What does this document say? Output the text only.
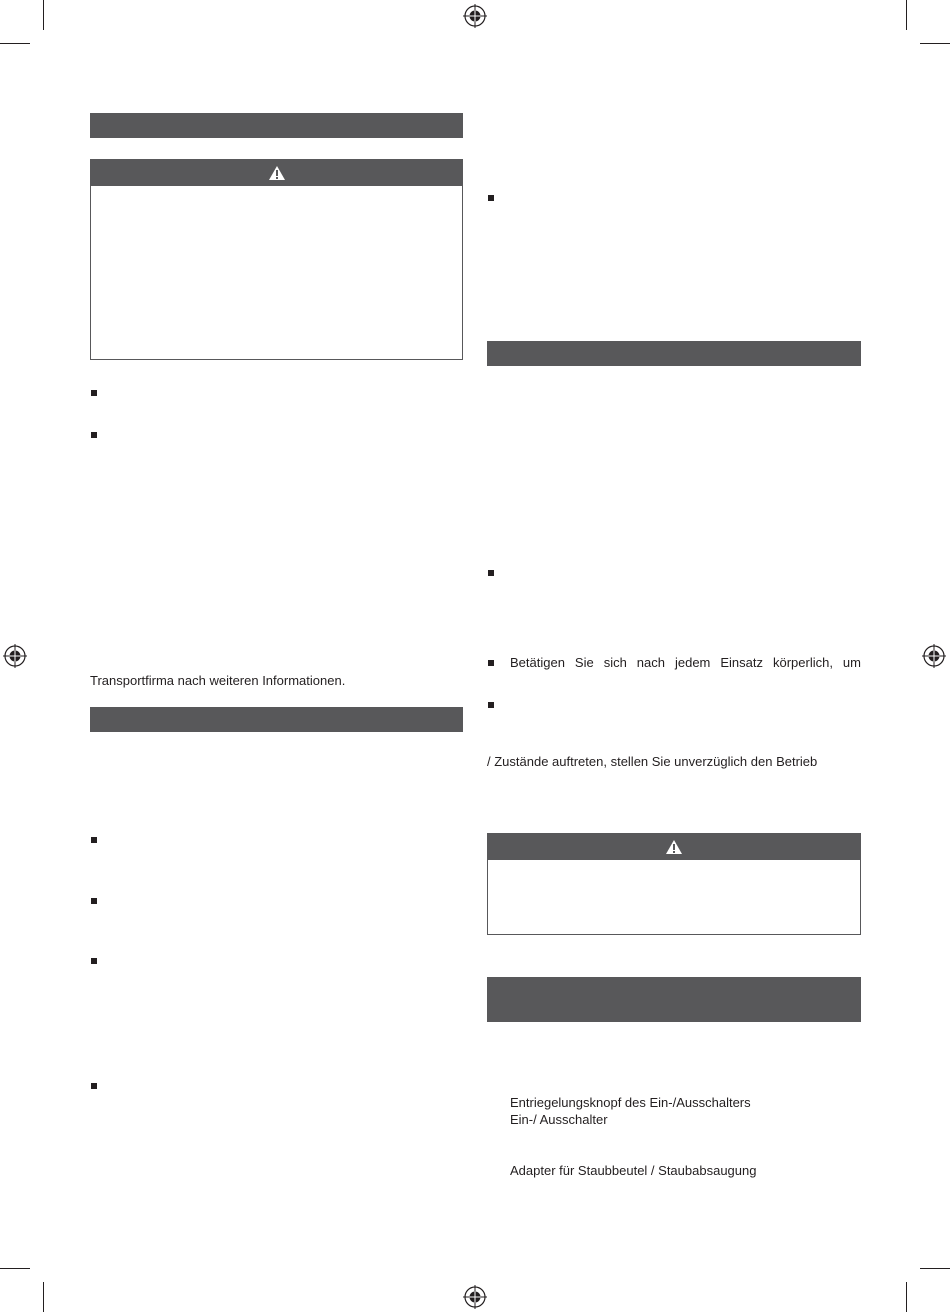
Transportfirma nach weiteren Informationen.
Betätigen Sie sich nach jedem Einsatz körperlich, um
/ Zustände auftreten, stellen Sie unverzüglich den Betrieb
Entriegelungsknopf des Ein-/Ausschalters
Ein-/ Ausschalter
Adapter für Staubbeutel / Staubabsaugung
